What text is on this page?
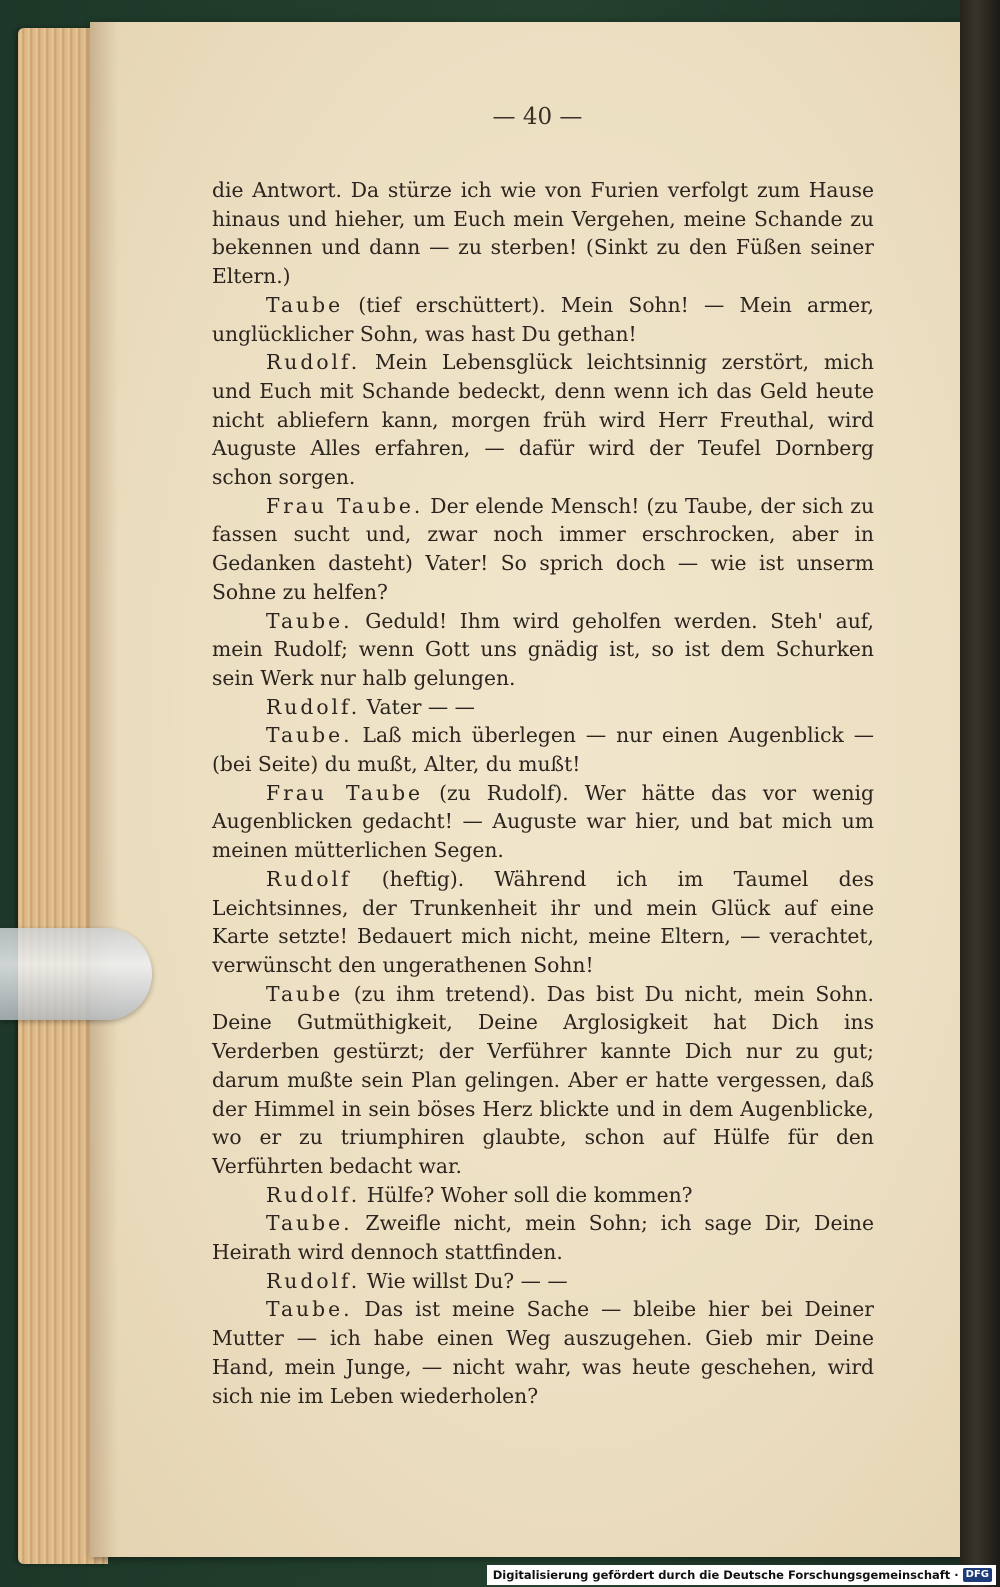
— 40 —

die Antwort. Da stürze ich wie von Furien verfolgt zum Hause hinaus und hieher, um Euch mein Vergehen, meine Schande zu bekennen und dann — zu sterben! (Sinkt zu den Füßen seiner Eltern.)

Taube (tief erschüttert). Mein Sohn! — Mein armer, unglücklicher Sohn, was hast Du gethan!

Rudolf. Mein Lebensglück leichtsinnig zerstört, mich und Euch mit Schande bedeckt, denn wenn ich das Geld heute nicht abliefern kann, morgen früh wird Herr Freuthal, wird Auguste Alles erfahren, — dafür wird der Teufel Dornberg schon sorgen.

Frau Taube. Der elende Mensch! (zu Taube, der sich zu fassen sucht und, zwar noch immer erschrocken, aber in Gedanken dasteht) Vater! So sprich doch — wie ist unserm Sohne zu helfen?

Taube. Geduld! Ihm wird geholfen werden. Steh' auf, mein Rudolf; wenn Gott uns gnädig ist, so ist dem Schurken sein Werk nur halb gelungen.

Rudolf. Vater — —

Taube. Laß mich überlegen — nur einen Augenblick — (bei Seite) du mußt, Alter, du mußt!

Frau Taube (zu Rudolf). Wer hätte das vor wenig Augenblicken gedacht! — Auguste war hier, und bat mich um meinen mütterlichen Segen.

Rudolf (heftig). Während ich im Taumel des Leichtsinnes, der Trunkenheit ihr und mein Glück auf eine Karte setzte! Bedauert mich nicht, meine Eltern, — verachtet, verwünscht den ungerathenen Sohn!

Taube (zu ihm tretend). Das bist Du nicht, mein Sohn. Deine Gutmüthigkeit, Deine Arglosigkeit hat Dich ins Verderben gestürzt; der Verführer kannte Dich nur zu gut; darum mußte sein Plan gelingen. Aber er hatte vergessen, daß der Himmel in sein böses Herz blickte und in dem Augenblicke, wo er zu triumphiren glaubte, schon auf Hülfe für den Verführten bedacht war.

Rudolf. Hülfe? Woher soll die kommen?

Taube. Zweifle nicht, mein Sohn; ich sage Dir, Deine Heirath wird dennoch stattfinden.

Rudolf. Wie willst Du? — —

Taube. Das ist meine Sache — bleibe hier bei Deiner Mutter — ich habe einen Weg auszugehen. Gieb mir Deine Hand, mein Junge, — nicht wahr, was heute geschehen, wird sich nie im Leben wiederholen?

Digitalisierung gefördert durch die Deutsche Forschungsgemeinschaft · DFG
